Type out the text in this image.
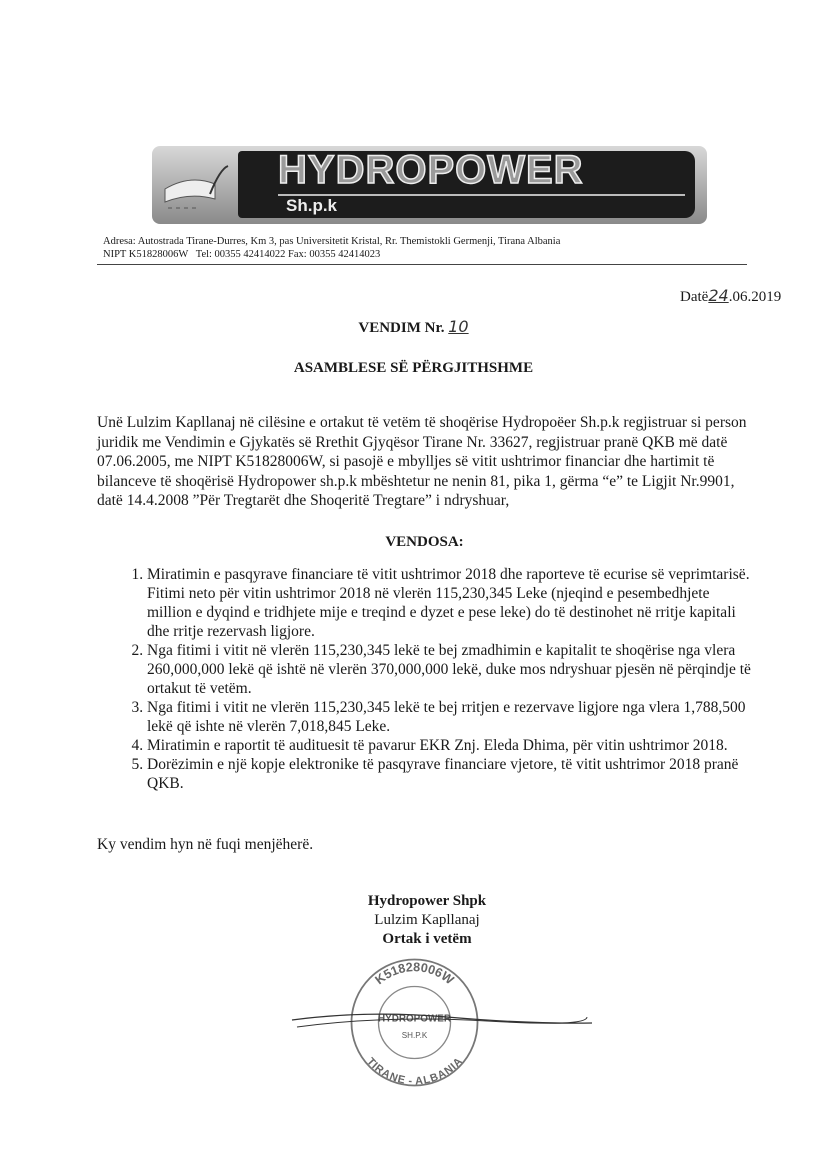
HYDROPOWER
Sh.p.k
Adresa: Autostrada Tirane-Durres, Km 3, pas Universitetit Kristal, Rr. Themistokli Germenji, Tirana Albania
NIPT K51828006W   Tel: 00355 42414022 Fax: 00355 42414023
Datë24.06.2019
VENDIM Nr. 10
ASAMBLESE SË PËRGJITHSHME

Unë Lulzim Kapllanaj në cilësine e ortakut të vetëm të shoqërise Hydropoëer Sh.p.k regjistruar si person juridik me Vendimin e Gjykatës së Rrethit Gjyqësor Tirane Nr. 33627, regjistruar pranë QKB më datë 07.06.2005, me NIPT K51828006W, si pasojë e mbylljes së vitit ushtrimor financiar dhe hartimit të bilanceve të shoqërisë Hydropower sh.p.k mbështetur ne nenin 81, pika 1, gërma “e” te Ligjit Nr.9901, datë 14.4.2008 ”Për Tregtarët dhe Shoqeritë Tregtare” i ndryshuar,

VENDOSA:
1. Miratimin e pasqyrave financiare të vitit ushtrimor 2018 dhe raporteve të ecurise së veprimtarisë. Fitimi neto për vitin ushtrimor 2018 në vlerën 115,230,345 Leke (njeqind e pesembedhjete million e dyqind e tridhjete mije e treqind e dyzet e pese leke) do të destinohet në rritje kapitali dhe rritje rezervash ligjore.
2. Nga fitimi i vitit në vlerën 115,230,345 lekë te bej zmadhimin e kapitalit te shoqërise nga vlera 260,000,000 lekë që ishtë në vlerën 370,000,000 lekë, duke mos ndryshuar pjesën në përqindje të ortakut të vetëm.
3. Nga fitimi i vitit ne vlerën 115,230,345 lekë te bej rritjen e rezervave ligjore nga vlera 1,788,500 lekë që ishte në vlerën 7,018,845 Leke.
4. Miratimin e raportit të audituesit të pavarur EKR Znj. Eleda Dhima, për vitin ushtrimor 2018.
5. Dorëzimin e një kopje elektronike të pasqyrave financiare vjetore, të vitit ushtrimor 2018 pranë QKB.

Ky vendim hyn në fuqi menjëherë.

Hydropower Shpk
Lulzim Kapllanaj
Ortak i vetëm
K51828006W
TIRANE - ALBANIA
HYDROPOWER
SH.P.K
